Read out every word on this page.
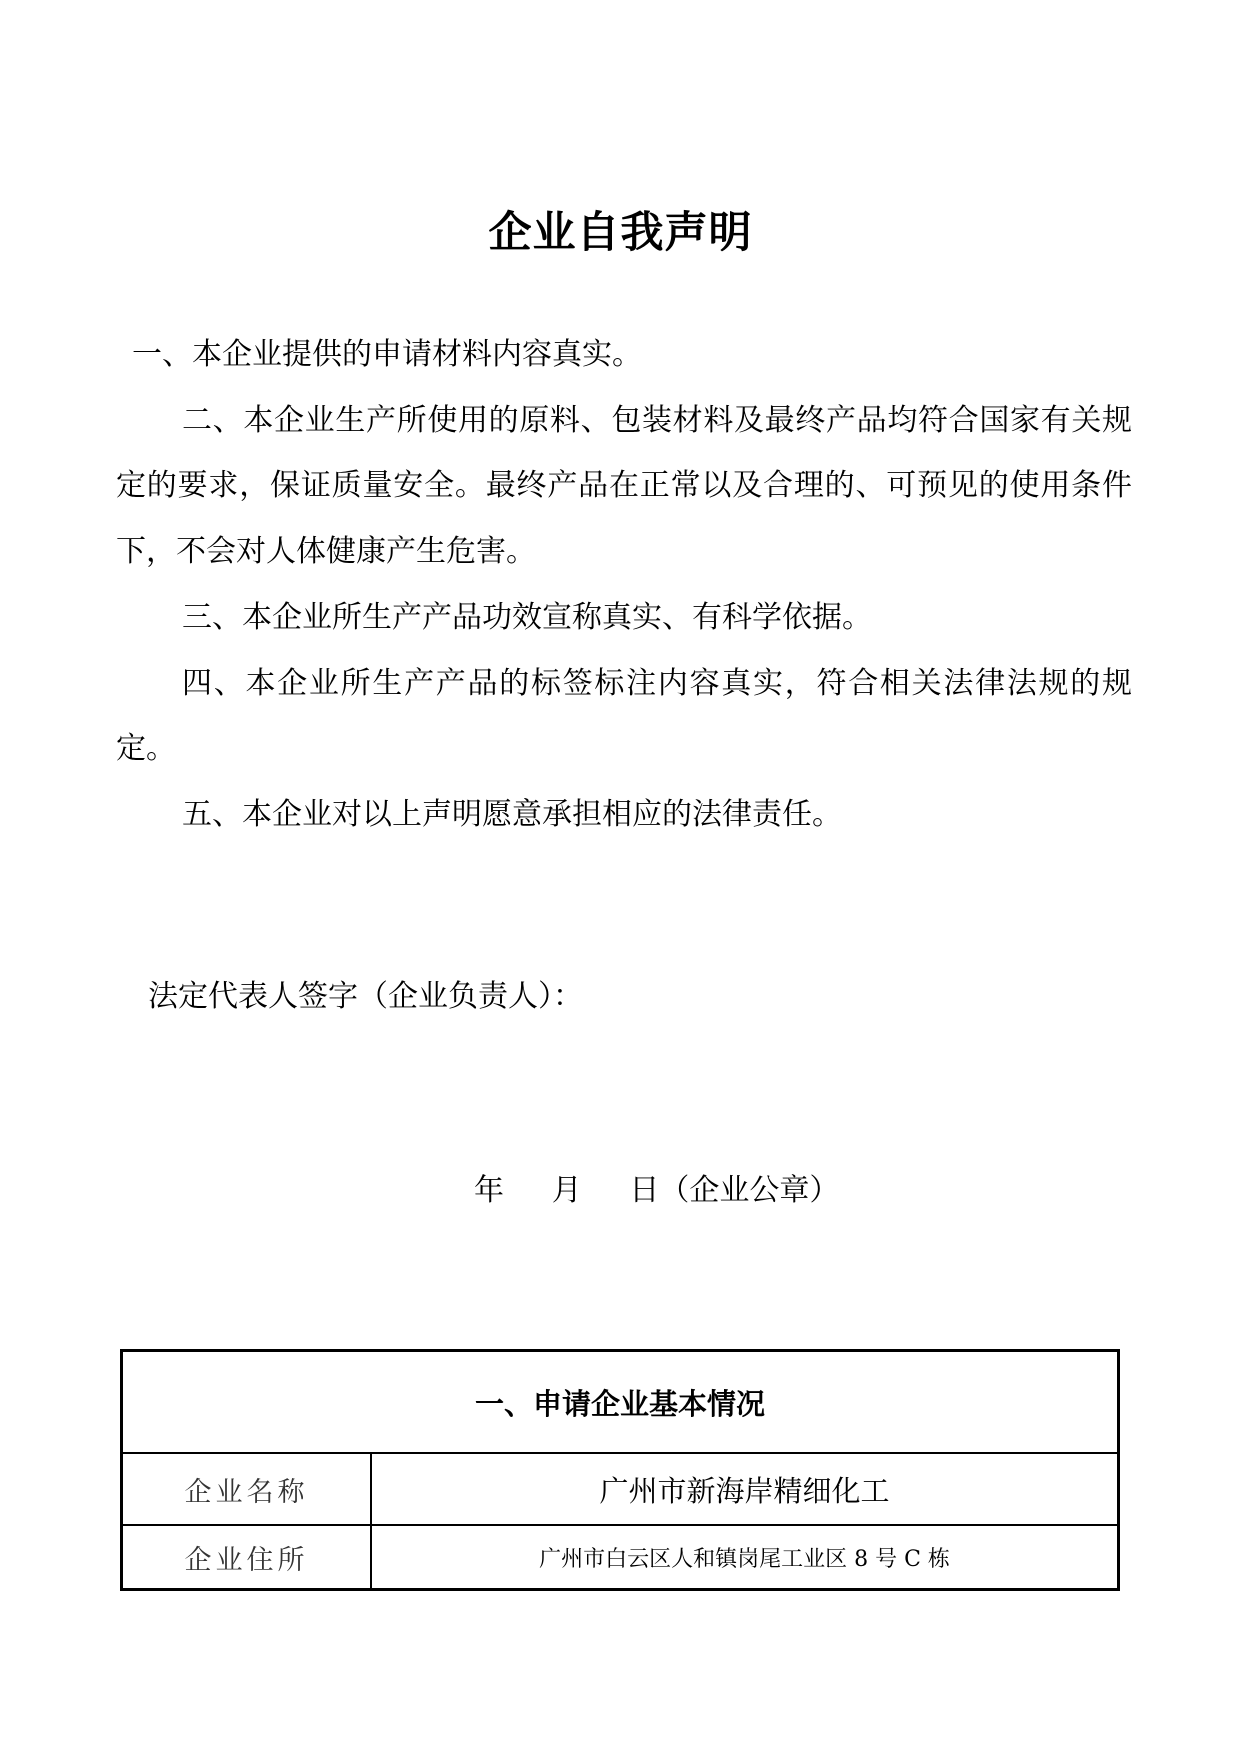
企业自我声明

一、本企业提供的申请材料内容真实。

二、本企业生产所使用的原料、包装材料及最终产品均符合国家有关规定的要求，保证质量安全。最终产品在正常以及合理的、可预见的使用条件下，不会对人体健康产生危害。

三、本企业所生产产品功效宣称真实、有科学依据。

四、本企业所生产产品的标签标注内容真实，符合相关法律法规的规定。

五、本企业对以上声明愿意承担相应的法律责任。

法定代表人签字（企业负责人）：
年 月 日（企业公章）
一、申请企业基本情况
企业名称	广州市新海岸精细化工
企业住所	广州市白云区人和镇岗尾工业区 8 号 C 栋
